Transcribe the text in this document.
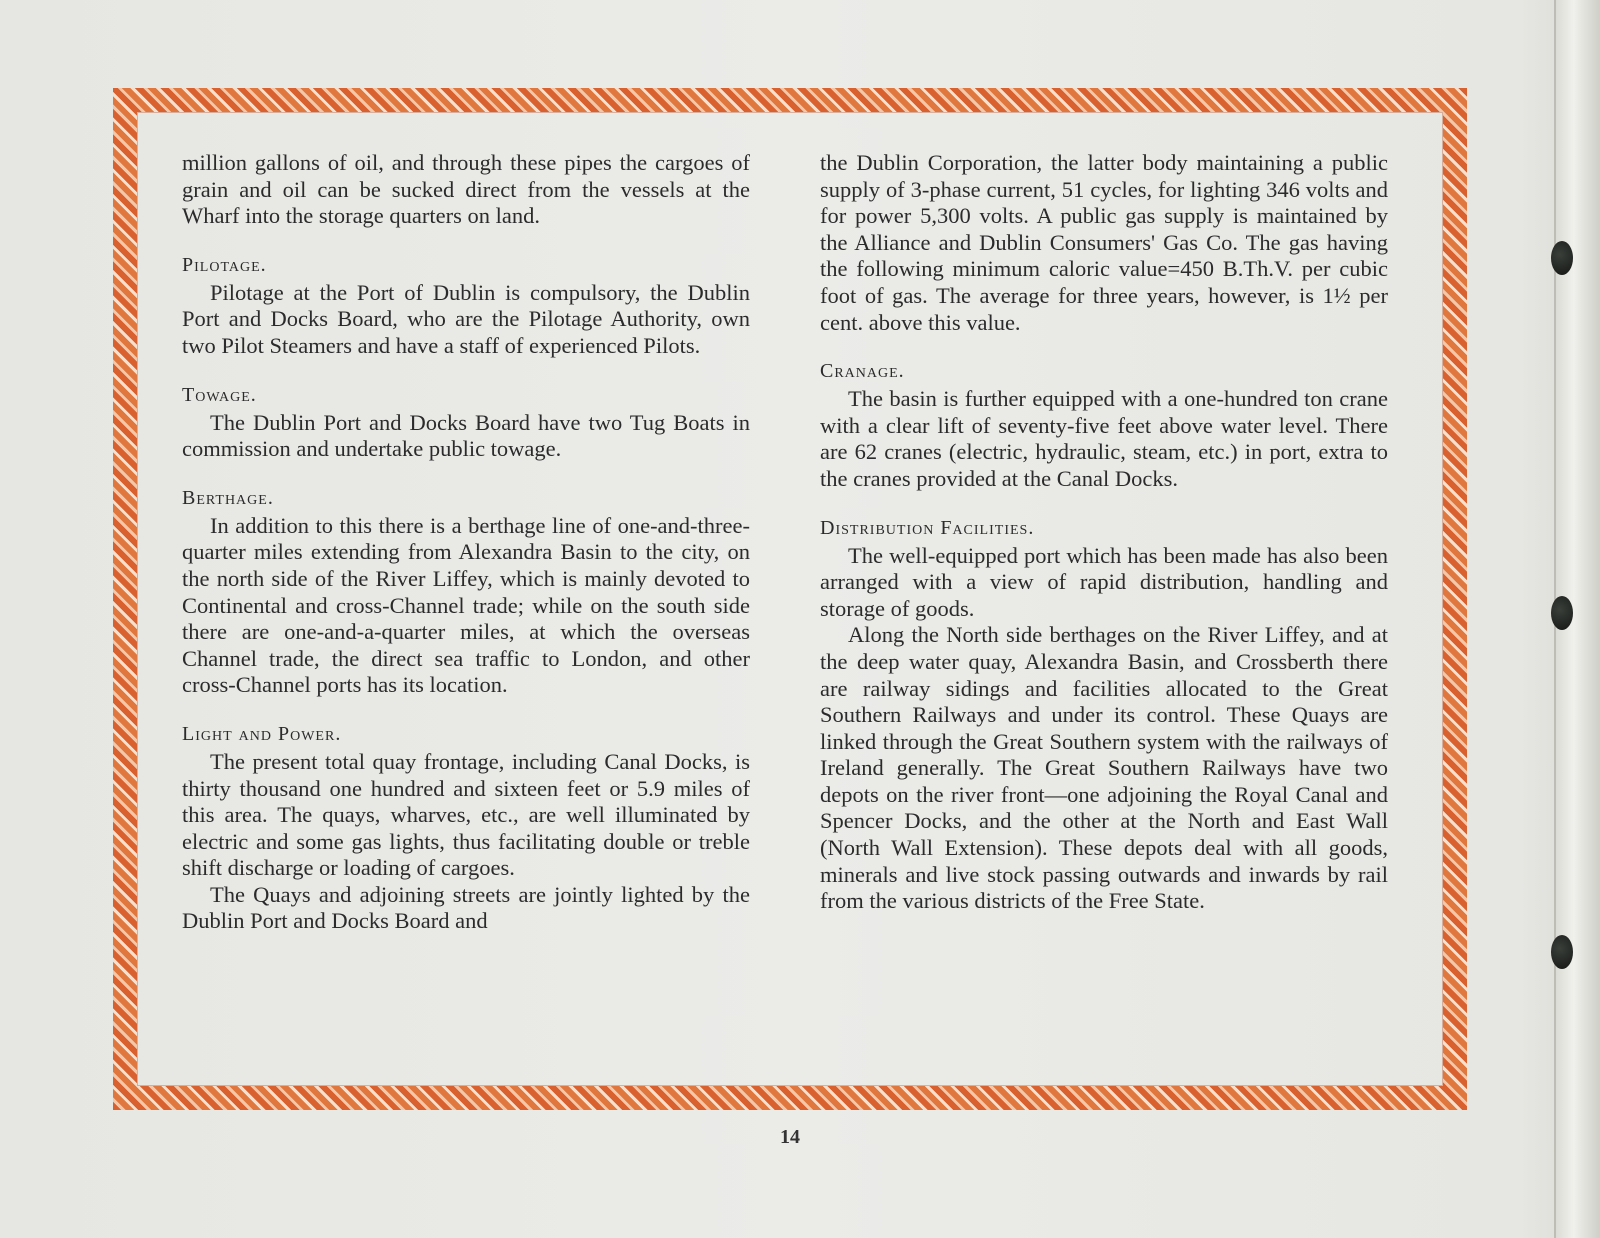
million gallons of oil, and through these pipes the cargoes of grain and oil can be sucked direct from the vessels at the Wharf into the storage quarters on land.

Pilotage.

Pilotage at the Port of Dublin is compulsory, the Dublin Port and Docks Board, who are the Pilotage Authority, own two Pilot Steamers and have a staff of experienced Pilots.

Towage.

The Dublin Port and Docks Board have two Tug Boats in commission and undertake public towage.

Berthage.

In addition to this there is a berthage line of one-and-three-quarter miles extending from Alexandra Basin to the city, on the north side of the River Liffey, which is mainly devoted to Continental and cross-Channel trade; while on the south side there are one-and-a-quarter miles, at which the overseas Channel trade, the direct sea traffic to London, and other cross-Channel ports has its location.

Light and Power.

The present total quay frontage, including Canal Docks, is thirty thousand one hundred and sixteen feet or 5.9 miles of this area. The quays, wharves, etc., are well illuminated by electric and some gas lights, thus facilitating double or treble shift discharge or loading of cargoes.

The Quays and adjoining streets are jointly lighted by the Dublin Port and Docks Board and

the Dublin Corporation, the latter body maintaining a public supply of 3-phase current, 51 cycles, for lighting 346 volts and for power 5,300 volts. A public gas supply is maintained by the Alliance and Dublin Consumers' Gas Co. The gas having the following minimum caloric value=450 B.Th.V. per cubic foot of gas. The average for three years, however, is 1½ per cent. above this value.

Cranage.

The basin is further equipped with a one-hundred ton crane with a clear lift of seventy-five feet above water level. There are 62 cranes (electric, hydraulic, steam, etc.) in port, extra to the cranes provided at the Canal Docks.

Distribution Facilities.

The well-equipped port which has been made has also been arranged with a view of rapid distribution, handling and storage of goods.

Along the North side berthages on the River Liffey, and at the deep water quay, Alexandra Basin, and Crossberth there are railway sidings and facilities allocated to the Great Southern Railways and under its control. These Quays are linked through the Great Southern system with the railways of Ireland generally. The Great Southern Railways have two depots on the river front—one adjoining the Royal Canal and Spencer Docks, and the other at the North and East Wall (North Wall Extension). These depots deal with all goods, minerals and live stock passing outwards and inwards by rail from the various districts of the Free State.

14
